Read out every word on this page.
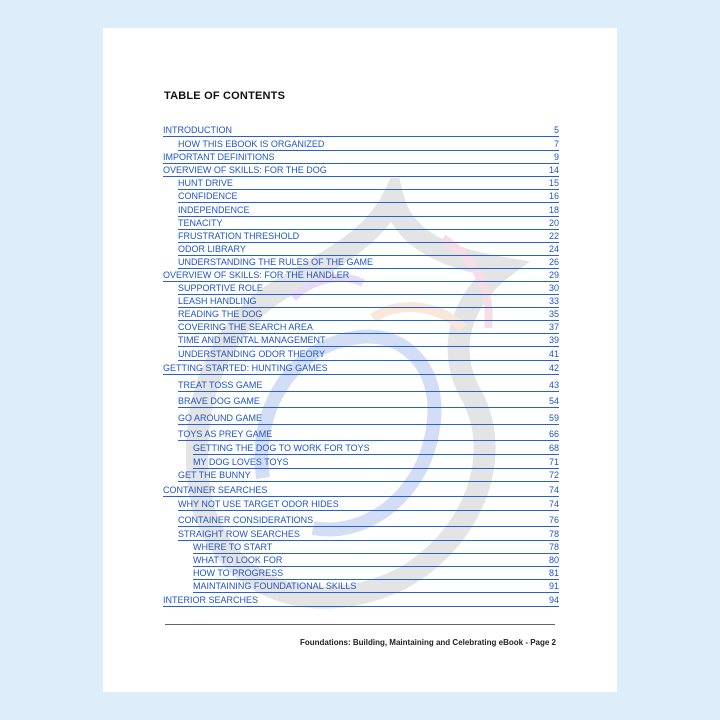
TABLE OF CONTENTS
INTRODUCTION	5
HOW THIS EBOOK IS ORGANIZED	7
IMPORTANT DEFINITIONS	9
OVERVIEW OF SKILLS: FOR THE DOG	14
HUNT DRIVE	15
CONFIDENCE	16
INDEPENDENCE	18
TENACITY	20
FRUSTRATION THRESHOLD	22
ODOR LIBRARY	24
UNDERSTANDING THE RULES OF THE GAME	26
OVERVIEW OF SKILLS: FOR THE HANDLER	29
SUPPORTIVE ROLE	30
LEASH HANDLING	33
READING THE DOG	35
COVERING THE SEARCH AREA	37
TIME AND MENTAL MANAGEMENT	39
UNDERSTANDING ODOR THEORY	41
GETTING STARTED: HUNTING GAMES	42
TREAT TOSS GAME	43
BRAVE DOG GAME	54
GO AROUND GAME	59
TOYS AS PREY GAME	66
GETTING THE DOG TO WORK FOR TOYS	68
MY DOG LOVES TOYS	71
GET THE BUNNY	72
CONTAINER SEARCHES	74
WHY NOT USE TARGET ODOR HIDES	74
CONTAINER CONSIDERATIONS	76
STRAIGHT ROW SEARCHES	78
WHERE TO START	78
WHAT TO LOOK FOR	80
HOW TO PROGRESS	81
MAINTAINING FOUNDATIONAL SKILLS	91
INTERIOR SEARCHES	94
Foundations: Building, Maintaining and Celebrating eBook - Page 2
